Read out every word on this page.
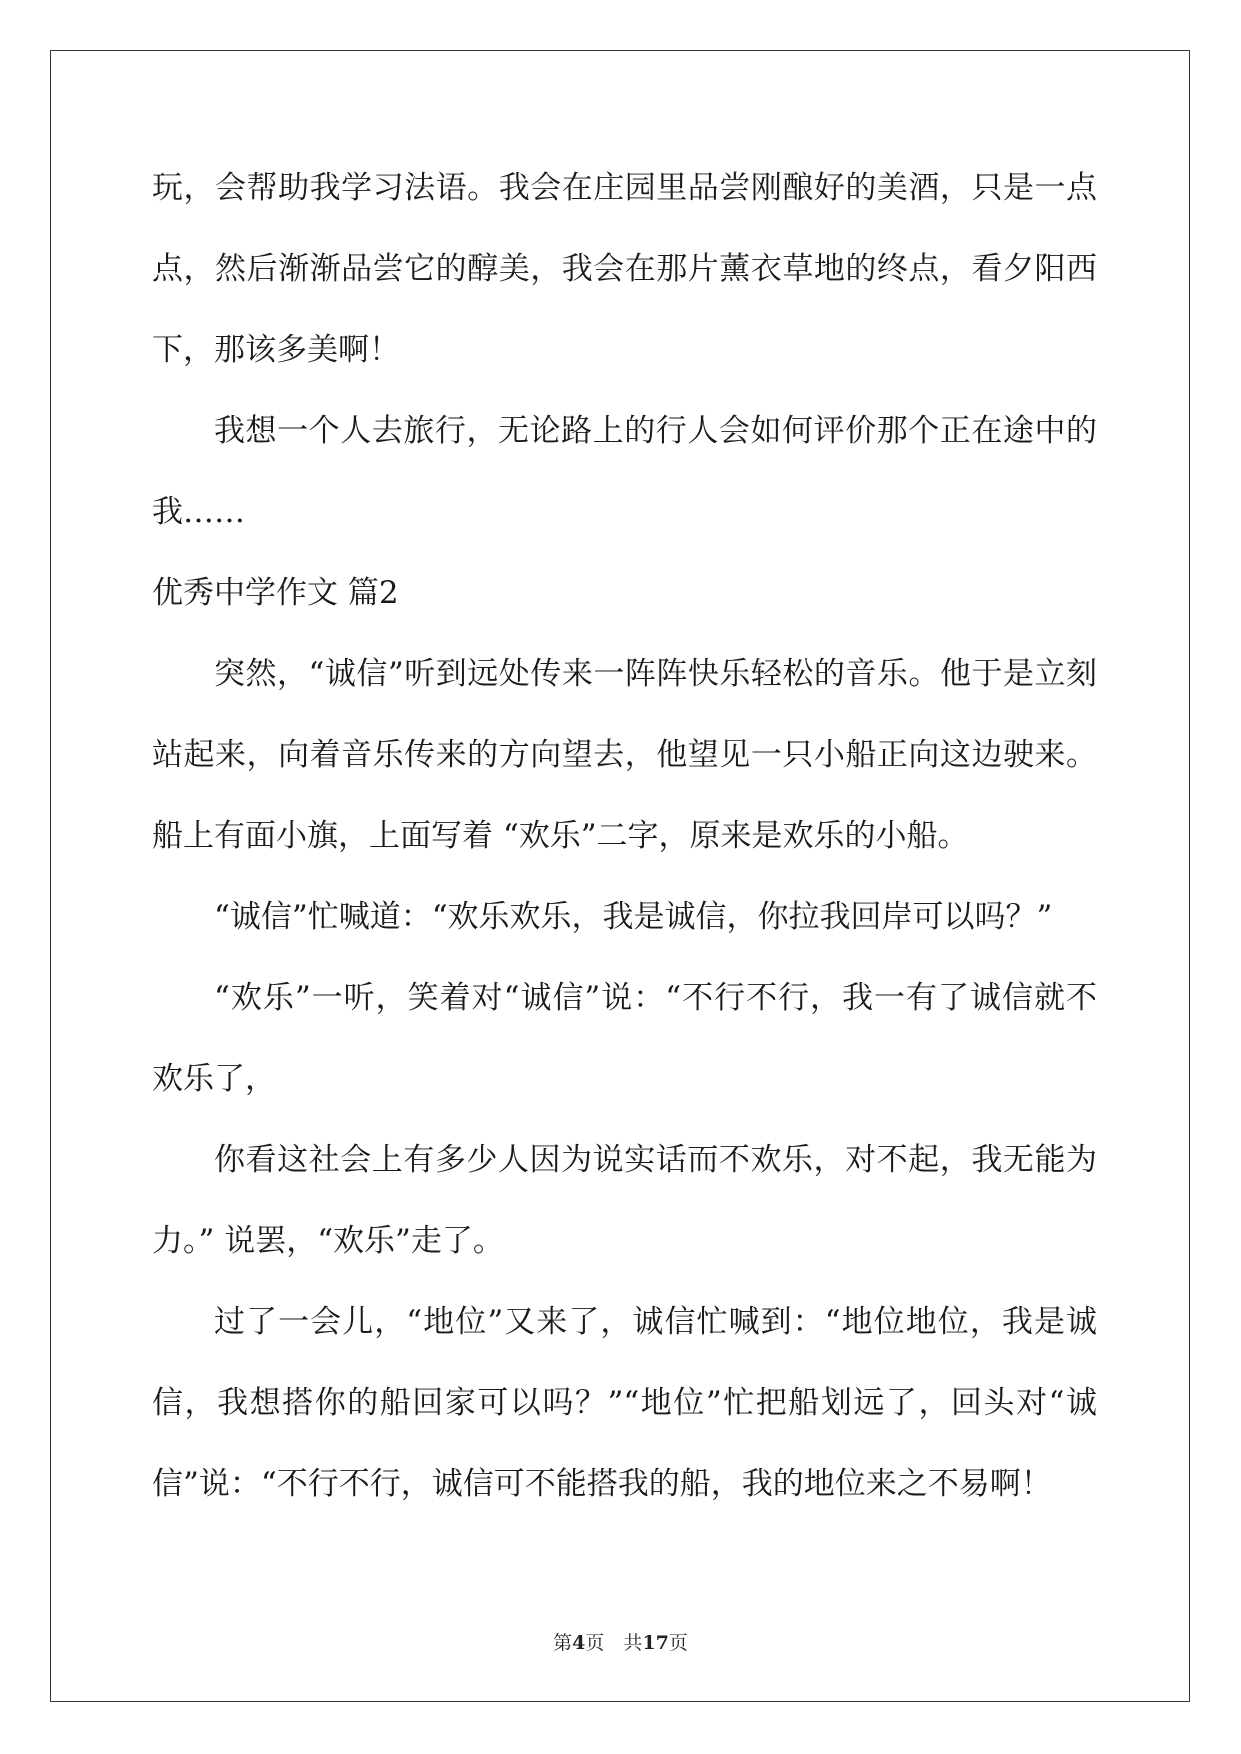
玩，会帮助我学习法语。我会在庄园里品尝刚酿好的美酒，只是一点点，然后渐渐品尝它的醇美，我会在那片薰衣草地的终点，看夕阳西下，那该多美啊！

我想一个人去旅行，无论路上的行人会如何评价那个正在途中的我……

优秀中学作文 篇2

突然，“诚信”听到远处传来一阵阵快乐轻松的音乐。他于是立刻站起来，向着音乐传来的方向望去，他望见一只小船正向这边驶来。船上有面小旗，上面写着 “欢乐”二字，原来是欢乐的小船。

“诚信”忙喊道：“欢乐欢乐，我是诚信，你拉我回岸可以吗？”

“欢乐”一听，笑着对“诚信”说：“不行不行，我一有了诚信就不欢乐了，

你看这社会上有多少人因为说实话而不欢乐，对不起，我无能为力。” 说罢，“欢乐”走了。

过了一会儿，“地位”又来了，诚信忙喊到：“地位地位，我是诚信，我想搭你的船回家可以吗？”“地位”忙把船划远了，回头对“诚信”说：“不行不行，诚信可不能搭我的船，我的地位来之不易啊！

第4页　共17页
